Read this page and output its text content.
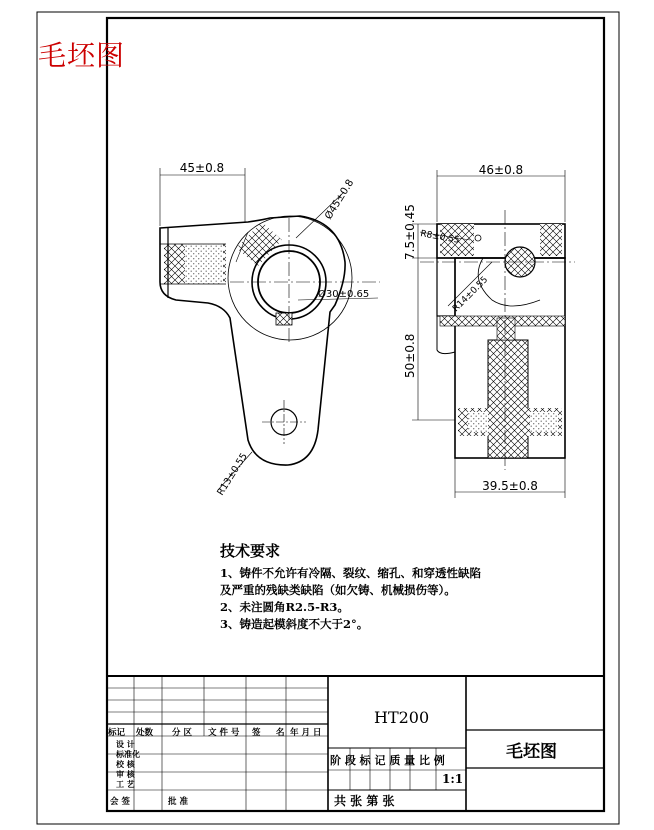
45±0.8
Ø45±0.8
Ø30±0.65
R13±0.55
46±0.8
7.5±0.45
50±0.8
39.5±0.8
R8±0.55
R14±0.55
毛坯图
技术要求
1、铸件不允许有冷隔、裂纹、缩孔、和穿透性缺陷
及严重的残缺类缺陷（如欠铸、机械损伤等）。
2、未注圆角R2.5-R3。
3、铸造起模斜度不大于2°。
标记 处数 分 区 文 件 号 签 名 年 月 日
设 计
标准化
校 核
审 核
工 艺
会 签	批 准
HT200
阶 段 标 记 质 量 比 例
1:1
共 张 第 张
毛坯图
